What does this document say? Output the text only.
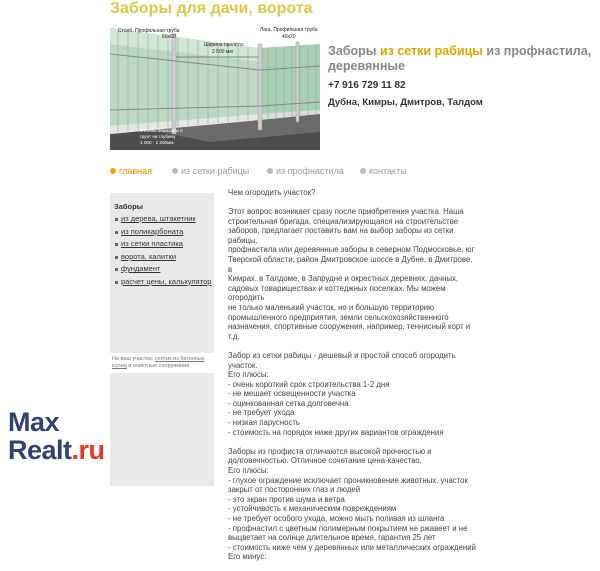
Заборы для дачи, ворота
Столб. Профильная труба
60х60
Ширина пролёта:
2 500 мм
Лага. Профильная труба
40х20
Столбы обмазаны в
грунт на глубину
1 000 - 1 200мм.
Заборы из сетки рабицы из профнастила, деревянные
+7 916 729 11 82
Дубна, Кимры, Дмитров, Талдом
главная	из сетки рабицы	из профнастила	контакты
Заборы
из дерева, штакетник
из поликарбоната
из сетки пластика
ворота, калитки
фундамент
расчет цены, калькулятор
На ваш участок: септик из бетонных колец и очистные сооружения.

Чем огородить участок?

Этот вопрос возникает сразу после приобретения участка. Наша
строительная бригада, специализирующаяся на строительстве
заборов, предлагает поставить вам на выбор заборы из сетки рабицы,
профнастила или деревянные заборы в северном Подмосковье, юг
Тверской области, район Дмитровское шоссе в Дубне, в Дмитрове, в
Кимрах, в Талдоме, в Запрудне и окрестных деревнях, дачных,
садовых товариществах и коттеджных поселках. Мы можем огородить
не только маленький участок, но и большую территорию
промышленного предприятия, земли сельскохозяйственного
назначения, спортивные сооружения, например, теннисный корт и т.д.

Забор из сетки рабицы - дешевый и простой способ огородить
участок.
Его плюсы:
- очень короткий срок строительства 1-2 дня
- не мешает освещенности участка
- оцинкованная сетка долговечна
- не требует ухода
- низкая парусность
- стоимость на порядок ниже других вариантов ограждения

Заборы из профиста отличаются высокой прочностью и
долговечностью. Отличное сочетание цена-качество.
Его плюсы:
- глухое ограждение исключает проникновение животных, участок
закрыт от посторонних глаз и людей
- это экран против шума и ветра
- устойчивость к механическим повреждениям
- не требует особого ухода, можно мыть поливая из шланга
- профнастил с цветным полимерным покрытием не ржавеет и не
выцветает на солнце длительное время, гарантия 25 лет
- стоимость ниже чем у деревянных или металлических ограждений
Его минус:

Max
Realt.ru
